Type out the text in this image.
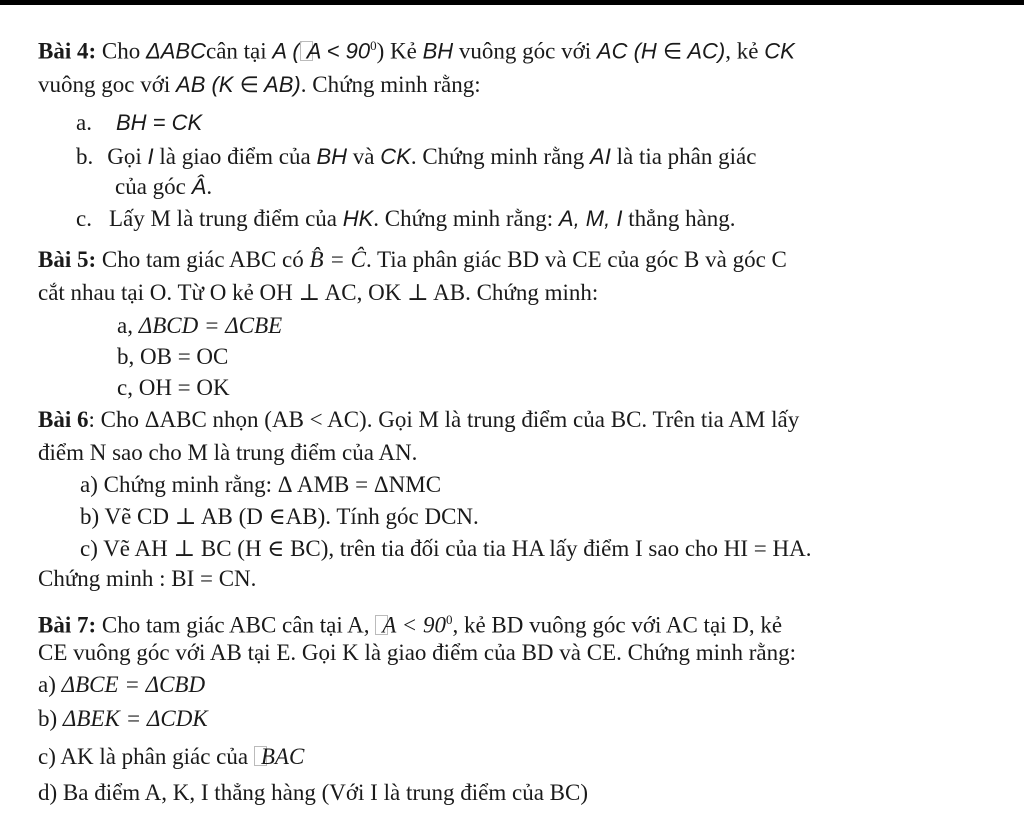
Bài 4: Cho ΔABCcân tại A ( $A < 90^0$) Kẻ BH vuông góc với AC (H ∈ AC), kẻ CK
vuông goc với AB (K ∈ AB). Chứng minh rằng:
a. BH = CK
b. Gọi I là giao điểm của BH và CK. Chứng minh rằng AI là tia phân giác
của góc Â.
c. Lấy M là trung điểm của HK. Chứng minh rằng: A, M, I thẳng hàng.
Bài 5: Cho tam giác ABC có B̂ = Ĉ. Tia phân giác BD và CE của góc B và góc C
cắt nhau tại O. Từ O kẻ OH ⊥ AC, OK ⊥ AB. Chứng minh:
a, ΔBCD = ΔCBE
b, OB = OC
c, OH = OK
Bài 6: Cho ΔABC nhọn (AB < AC). Gọi M là trung điểm của BC. Trên tia AM lấy
điểm N sao cho M là trung điểm của AN.
a) Chứng minh rằng: Δ AMB = ΔNMC
b) Vẽ CD ⊥ AB (D ∈AB). Tính góc DCN.
c) Vẽ AH ⊥ BC (H ∈ BC), trên tia đối của tia HA lấy điểm I sao cho HI = HA.
Chứng minh : BI = CN.
Bài 7: Cho tam giác ABC cân tại A, $A < 90^0$, kẻ BD vuông góc với AC tại D, kẻ
CE vuông góc với AB tại E. Gọi K là giao điểm của BD và CE. Chứng minh rằng:
a) ΔBCE = ΔCBD
b) ΔBEK = ΔCDK
c) AK là phân giác của BAC
d) Ba điểm A, K, I thẳng hàng (Với I là trung điểm của BC)
